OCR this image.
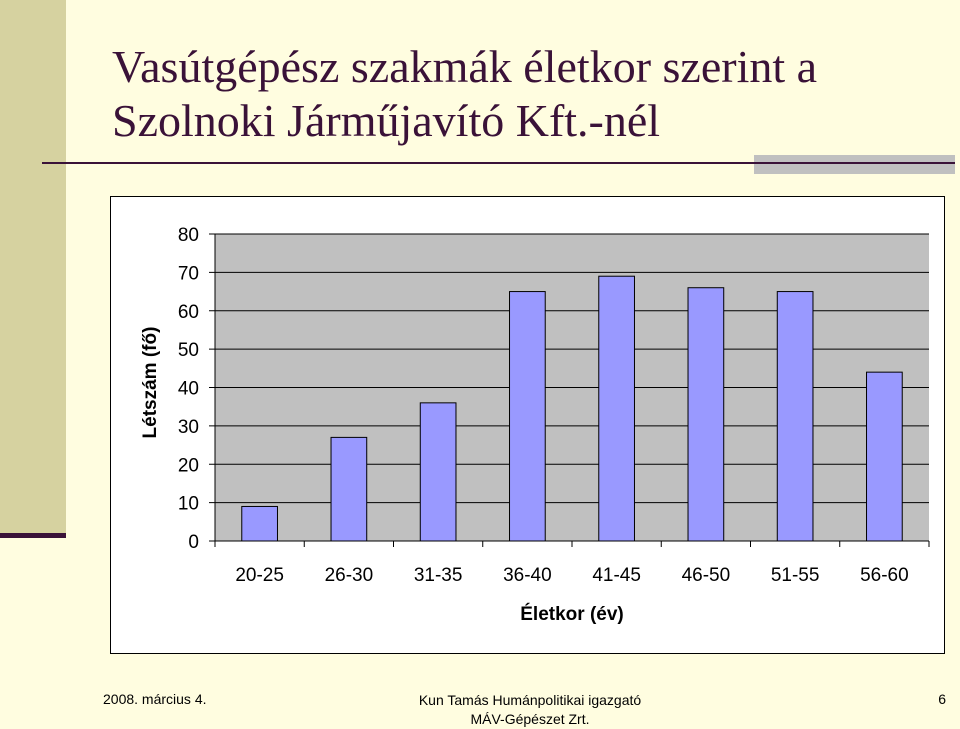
Vasútgépész szakmák életkor szerint a
Szolnoki Járműjavító Kft.-nél
0
10
20
30
40
50
60
70
80
20-25 26-30 31-35 36-40 41-45 46-50 51-55 56-60
Életkor (év)
Létszám (fő)

2008. március 4.	Kun Tamás Humánpolitikai igazgató
MÁV-Gépészet Zrt.

6
